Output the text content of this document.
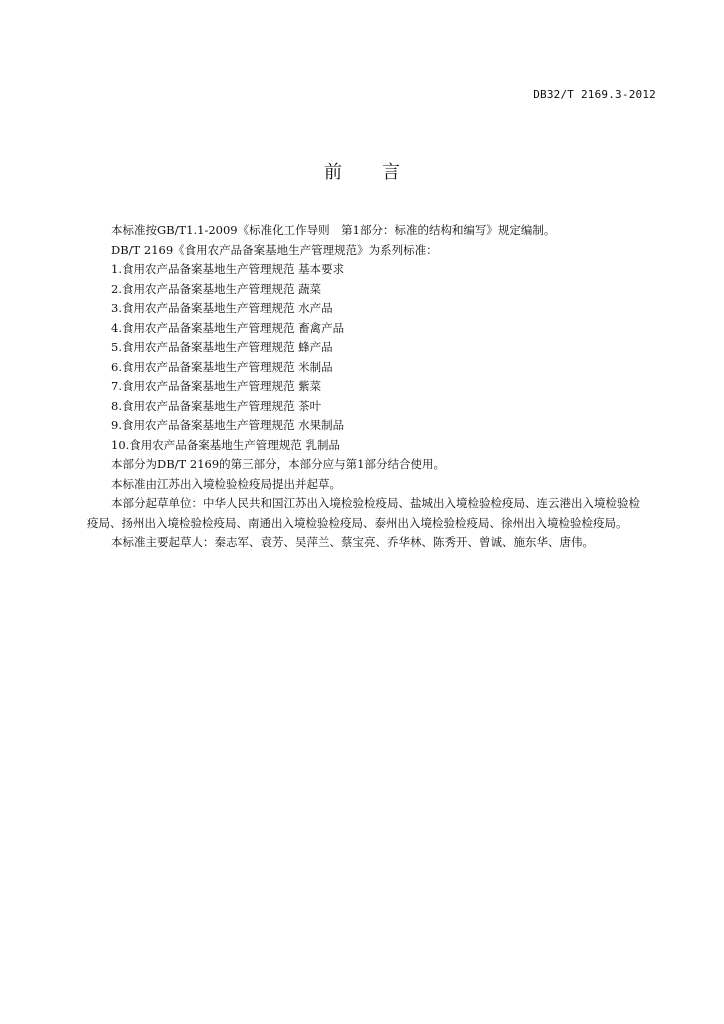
DB32/T 2169.3-2012
前 言
本标准按GB/T1.1-2009《标准化工作导则　第1部分：标准的结构和编写》规定编制。
DB/T 2169《食用农产品备案基地生产管理规范》为系列标准：
1.食用农产品备案基地生产管理规范 基本要求
2.食用农产品备案基地生产管理规范 蔬菜
3.食用农产品备案基地生产管理规范 水产品
4.食用农产品备案基地生产管理规范 畜禽产品
5.食用农产品备案基地生产管理规范 蜂产品
6.食用农产品备案基地生产管理规范 米制品
7.食用农产品备案基地生产管理规范 紫菜
8.食用农产品备案基地生产管理规范 茶叶
9.食用农产品备案基地生产管理规范 水果制品
10.食用农产品备案基地生产管理规范 乳制品
本部分为DB/T 2169的第三部分，本部分应与第1部分结合使用。
本标准由江苏出入境检验检疫局提出并起草。
本部分起草单位：中华人民共和国江苏出入境检验检疫局、盐城出入境检验检疫局、连云港出入境检验检疫局、扬州出入境检验检疫局、南通出入境检验检疫局、泰州出入境检验检疫局、徐州出入境检验检疫局。
本标准主要起草人：秦志军、袁芳、吴萍兰、蔡宝亮、乔华林、陈秀开、曾诚、施东华、唐伟。
